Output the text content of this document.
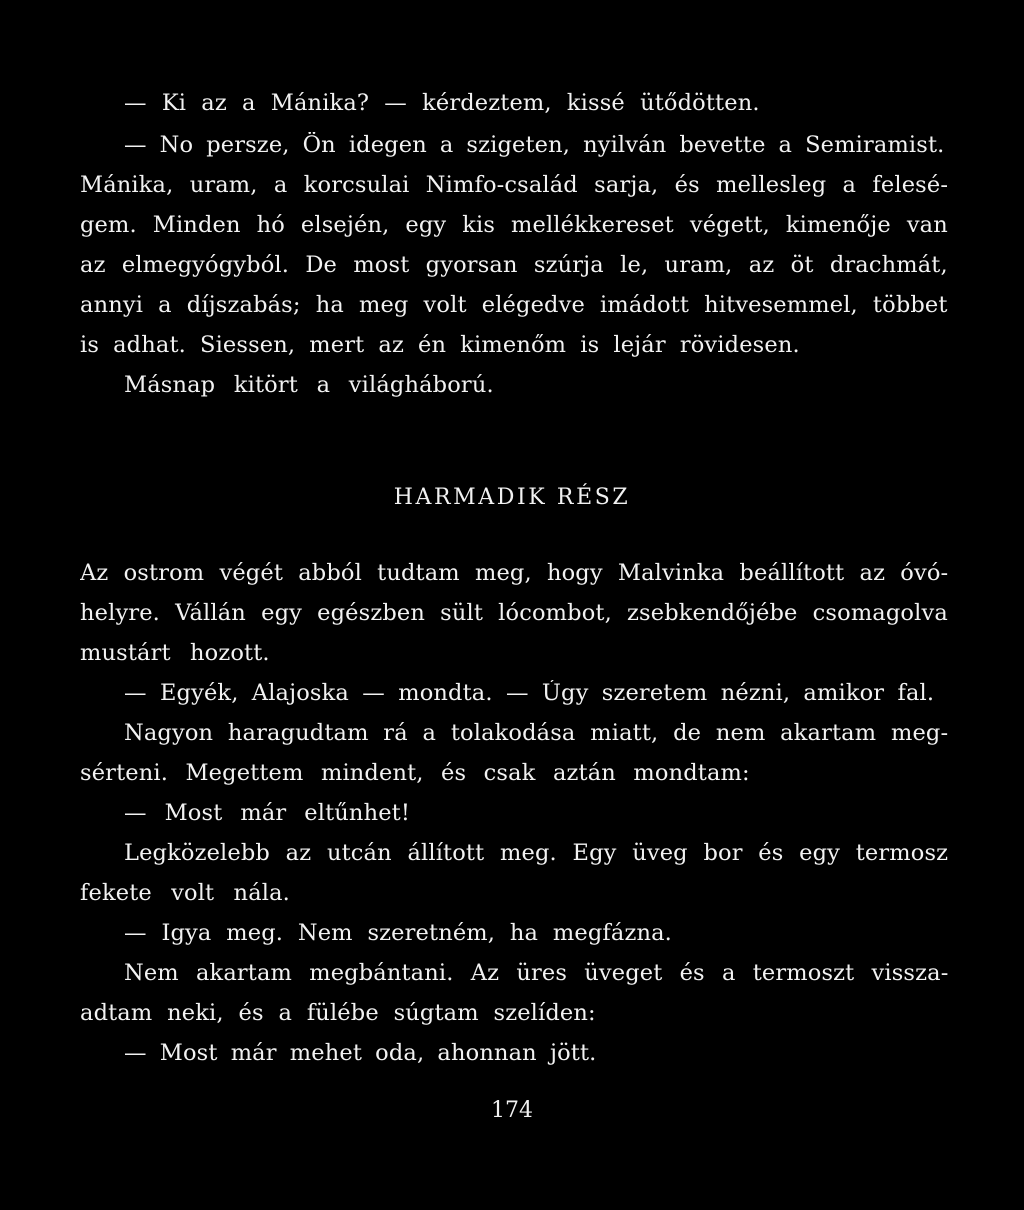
— Ki az a Mánika? — kérdeztem, kissé ütődötten.
— No persze, Ön idegen a szigeten, nyilván bevette a Semiramist.
Mánika, uram, a korcsulai Nimfo-család sarja, és mellesleg a felesé-
gem. Minden hó elsején, egy kis mellékkereset végett, kimenője van
az elmegyógyból. De most gyorsan szúrja le, uram, az öt drachmát,
annyi a díjszabás; ha meg volt elégedve imádott hitvesemmel, többet
is adhat. Siessen, mert az én kimenőm is lejár rövidesen.
Másnap kitört a világháború.
HARMADIK RÉSZ
Az ostrom végét abból tudtam meg, hogy Malvinka beállított az óvó-
helyre. Vállán egy egészben sült lócombot, zsebkendőjébe csomagolva
mustárt hozott.
— Egyék, Alajoska — mondta. — Úgy szeretem nézni, amikor fal.
Nagyon haragudtam rá a tolakodása miatt, de nem akartam meg-
sérteni. Megettem mindent, és csak aztán mondtam:
— Most már eltűnhet!
Legközelebb az utcán állított meg. Egy üveg bor és egy termosz
fekete volt nála.
— Igya meg. Nem szeretném, ha megfázna.
Nem akartam megbántani. Az üres üveget és a termoszt vissza-
adtam neki, és a fülébe súgtam szelíden:
— Most már mehet oda, ahonnan jött.
174
